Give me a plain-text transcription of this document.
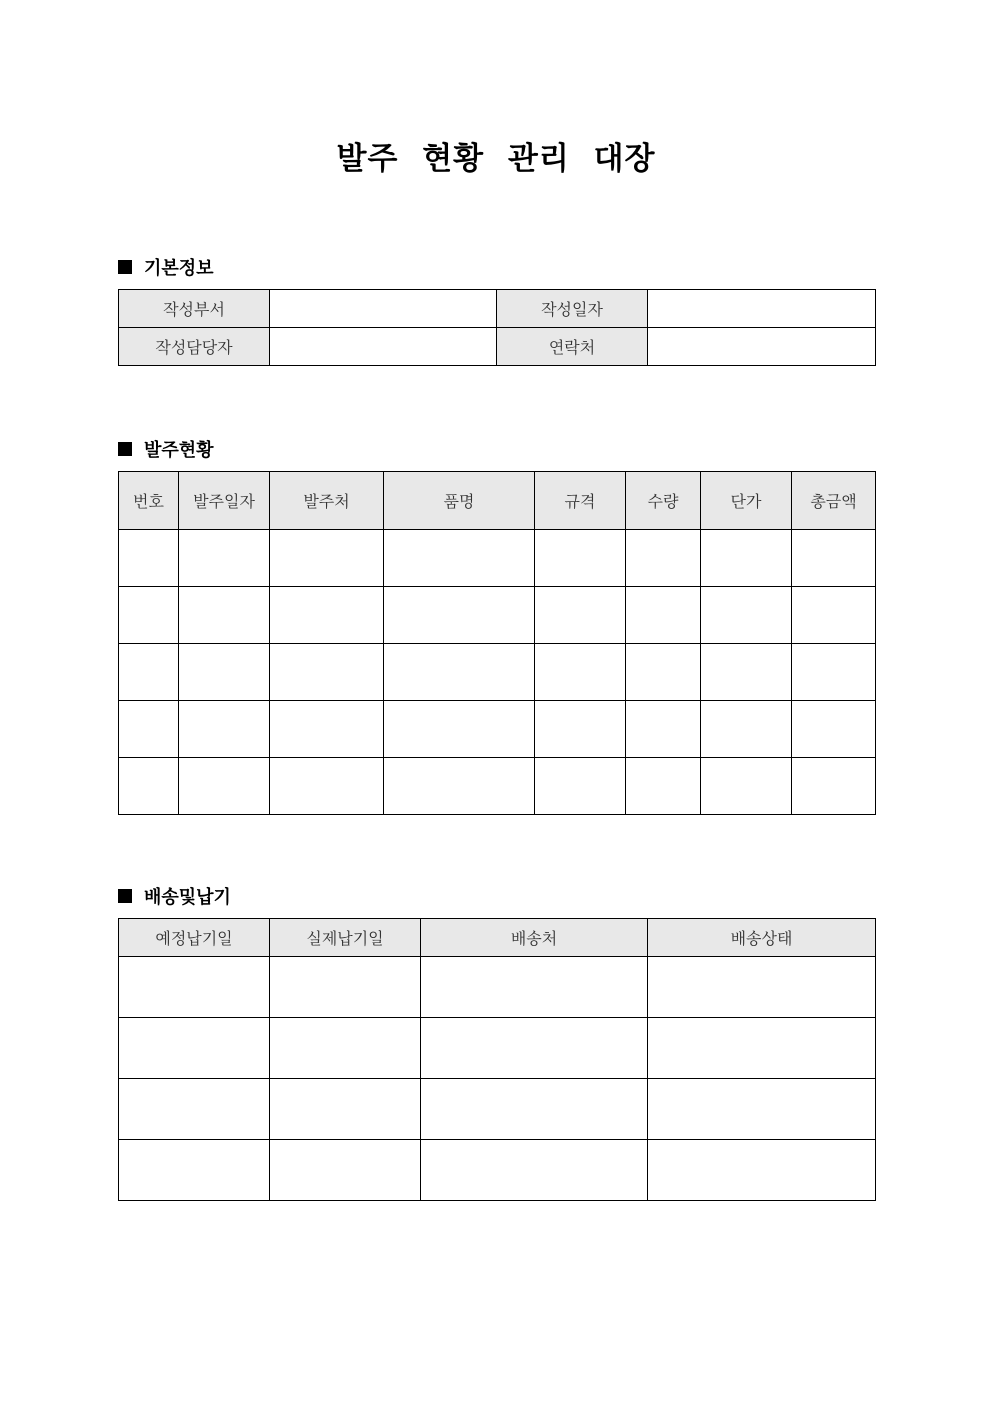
발주 현황 관리 대장
기본정보
작성부서		작성일자	
작성담당자		연락처	
발주현황
번호	발주일자	발주처	품명	규격	수량	단가	총금액

배송및납기
예정납기일	실제납기일	배송처	배송상태
